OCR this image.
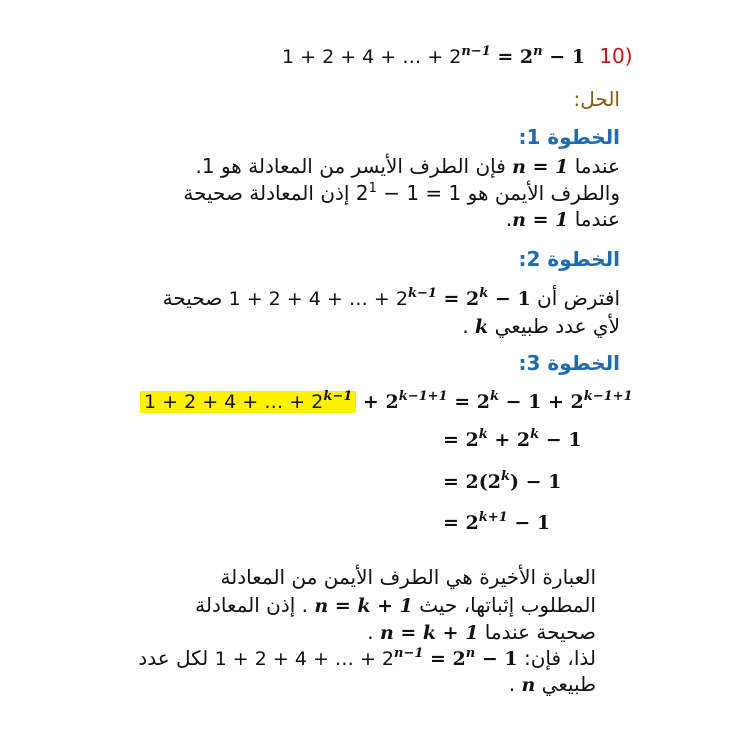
1 + 2 + 4 + … + $2^{n-1} = 2^n - 1$ 10)
الحل:
الخطوة 1:
عندما n = 1 فإن الطرف الأيسر من المعادلة هو 1.
والطرف الأيمن هو $2^1 - 1 = 1$ إذن المعادلة صحيحة
عندما n = 1.
الخطوة 2:
افترض أن 1 + 2 + 4 + … + $2^{k-1} = 2^k - 1$ صحيحة
لأي عدد طبيعي k .
الخطوة 3:
1 + 2 + 4 + … + $2^{k-1} + 2^{k-1+1} = 2^k - 1 + 2^{k-1+1}$
= $2^k + 2^k - 1$
= $2(2^k) - 1$
= $2^{k+1} - 1$
العبارة الأخيرة هي الطرف الأيمن من المعادلة
المطلوب إثباتها، حيث n = k + 1 . إذن المعادلة
صحيحة عندما n = k + 1 .
لذا، فإن: 1 + 2 + 4 + … + $2^{n-1} = 2^n - 1$ لكل عدد
طبيعي n .
